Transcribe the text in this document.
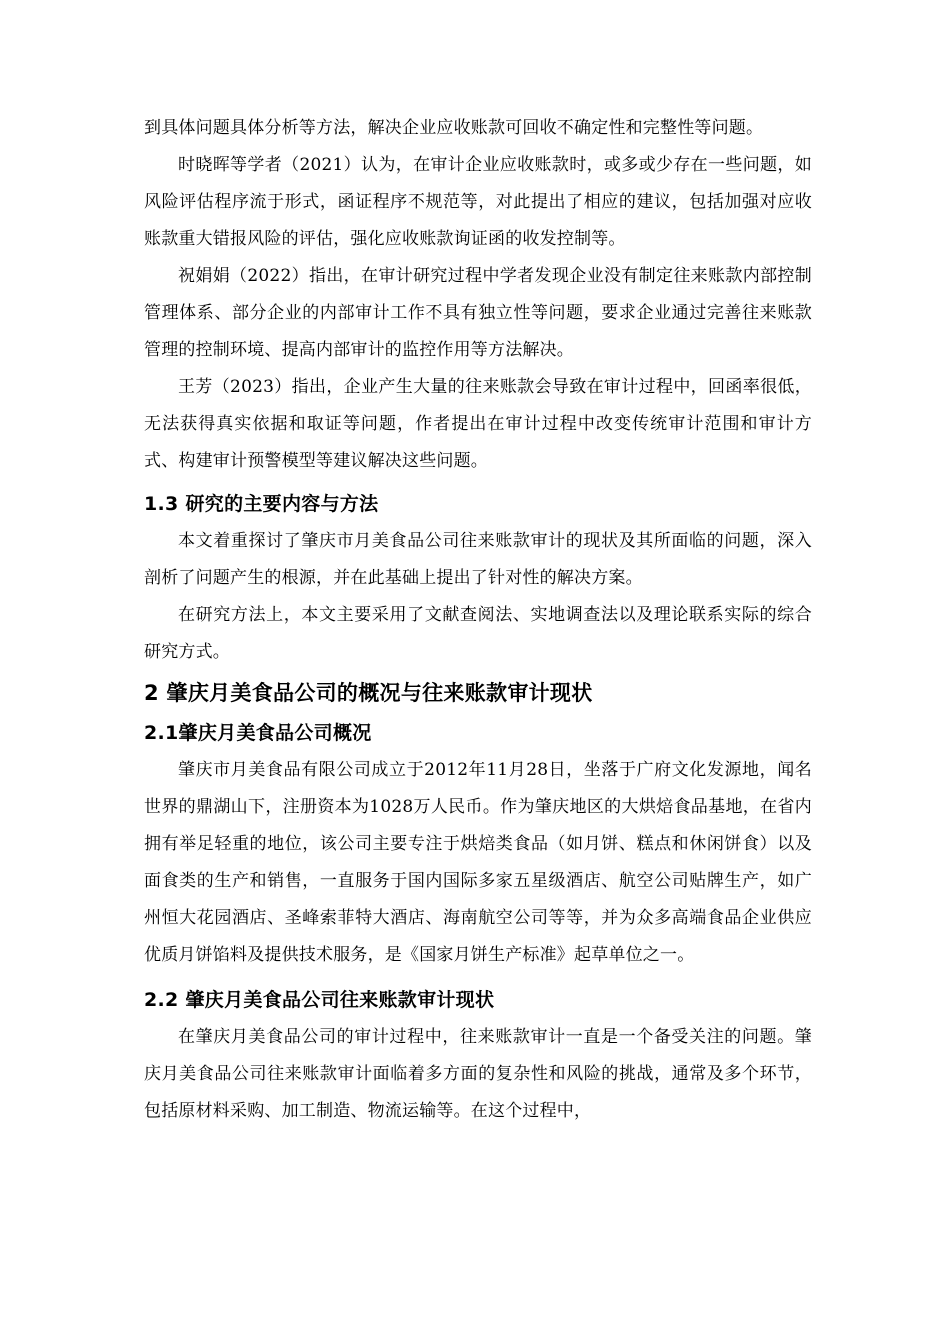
到具体问题具体分析等方法，解决企业应收账款可回收不确定性和完整性等问题。

时晓晖等学者（2021）认为，在审计企业应收账款时，或多或少存在一些问题，如风险评估程序流于形式，函证程序不规范等，对此提出了相应的建议，包括加强对应收账款重大错报风险的评估，强化应收账款询证函的收发控制等。

祝娟娟（2022）指出，在审计研究过程中学者发现企业没有制定往来账款内部控制管理体系、部分企业的内部审计工作不具有独立性等问题，要求企业通过完善往来账款管理的控制环境、提高内部审计的监控作用等方法解决。

王芳（2023）指出，企业产生大量的往来账款会导致在审计过程中，回函率很低，无法获得真实依据和取证等问题，作者提出在审计过程中改变传统审计范围和审计方式、构建审计预警模型等建议解决这些问题。

1.3 研究的主要内容与方法

本文着重探讨了肇庆市月美食品公司往来账款审计的现状及其所面临的问题，深入剖析了问题产生的根源，并在此基础上提出了针对性的解决方案。

在研究方法上，本文主要采用了文献查阅法、实地调查法以及理论联系实际的综合研究方式。

2 肇庆月美食品公司的概况与往来账款审计现状
2.1肇庆月美食品公司概况

肇庆市月美食品有限公司成立于2012年11月28日，坐落于广府文化发源地，闻名世界的鼎湖山下，注册资本为1028万人民币。作为肇庆地区的大烘焙食品基地，在省内拥有举足轻重的地位，该公司主要专注于烘焙类食品（如月饼、糕点和休闲饼食）以及面食类的生产和销售，一直服务于国内国际多家五星级酒店、航空公司贴牌生产，如广州恒大花园酒店、圣峰索菲特大酒店、海南航空公司等等，并为众多高端食品企业供应优质月饼馅料及提供技术服务，是《国家月饼生产标准》起草单位之一。

2.2 肇庆月美食品公司往来账款审计现状

在肇庆月美食品公司的审计过程中，往来账款审计一直是一个备受关注的问题。肇庆月美食品公司往来账款审计面临着多方面的复杂性和风险的挑战，通常及多个环节，包括原材料采购、加工制造、物流运输等。在这个过程中，
